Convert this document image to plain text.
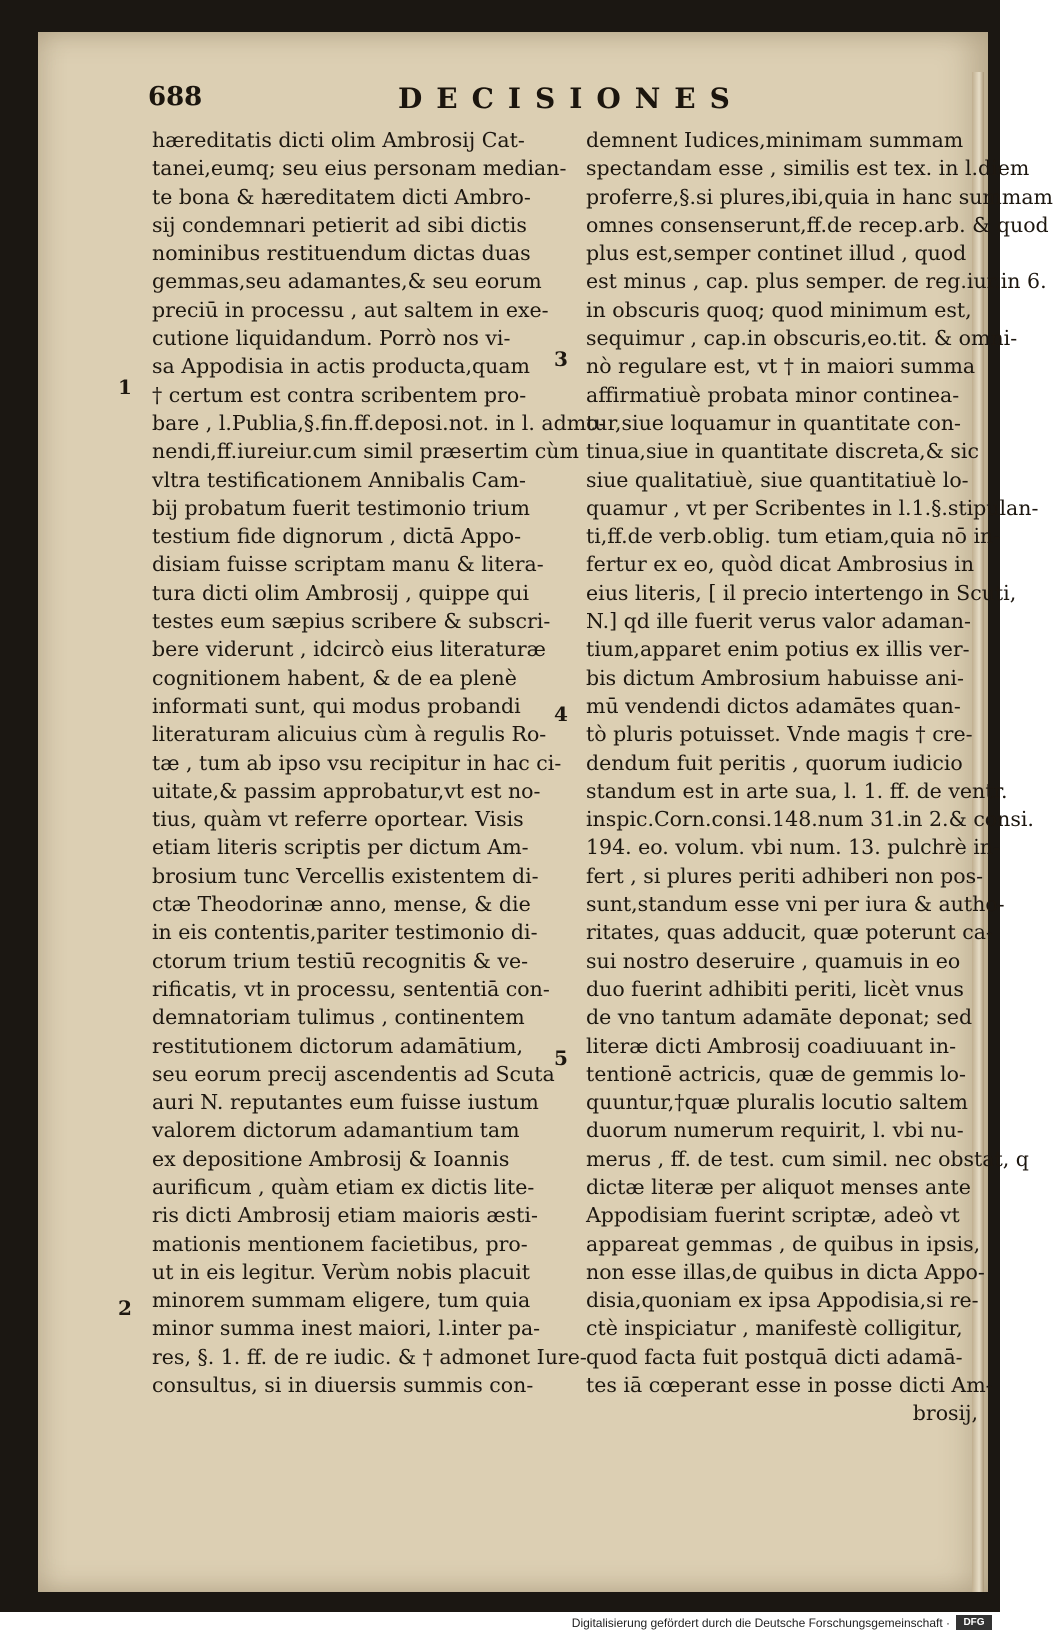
688	DECISIONES
1
2
3
4
5
hæreditatis dicti olim Ambrosij Cat-
tanei,eumq; seu eius personam median-
te bona & hæreditatem dicti Ambro-
sij condemnari petierit ad sibi dictis
nominibus restituendum dictas duas
gemmas,seu adamantes,& seu eorum
preciū in processu , aut saltem in exe-
cutione liquidandum. Porrò nos vi-
sa Appodisia in actis producta,quam
† certum est contra scribentem pro-
bare , l.Publia,§.fin.ff.deposi.not. in l. admo-
nendi,ff.iureiur.cum simil præsertim cùm
vltra testificationem Annibalis Cam-
bij probatum fuerit testimonio trium
testium fide dignorum , dictā Appo-
disiam fuisse scriptam manu & litera-
tura dicti olim Ambrosij , quippe qui
testes eum sæpius scribere & subscri-
bere viderunt , idcircò eius literaturæ
cognitionem habent, & de ea plenè
informati sunt, qui modus probandi
literaturam alicuius cùm à regulis Ro-
tæ , tum ab ipso vsu recipitur in hac ci-
uitate,& passim approbatur,vt est no-
tius, quàm vt referre oportear. Visis
etiam literis scriptis per dictum Am-
brosium tunc Vercellis existentem di-
ctæ Theodorinæ anno, mense, & die
in eis contentis,pariter testimonio di-
ctorum trium testiū recognitis & ve-
rificatis, vt in processu, sententiā con-
demnatoriam tulimus , continentem
restitutionem dictorum adamātium,
seu eorum precij ascendentis ad Scuta
auri N. reputantes eum fuisse iustum
valorem dictorum adamantium tam
ex depositione Ambrosij & Ioannis
aurificum , quàm etiam ex dictis lite-
ris dicti Ambrosij etiam maioris æsti-
mationis mentionem facietibus, pro-
ut in eis legitur. Verùm nobis placuit
minorem summam eligere, tum quia
minor summa inest maiori, l.inter pa-
res, §. 1. ff. de re iudic. & † admonet Iure-
consultus, si in diuersis summis con-
demnent Iudices,minimam summam
spectandam esse , similis est tex. in l.diem
proferre,§.si plures,ibi,quia in hanc summam
omnes consenserunt,ff.de recep.arb. & quod
plus est,semper continet illud , quod
est minus , cap. plus semper. de reg.iur.in 6.
in obscuris quoq; quod minimum est,
sequimur , cap.in obscuris,eo.tit. & omni-
nò regulare est, vt † in maiori summa
affirmatiuè probata minor continea-
tur,siue loquamur in quantitate con-
tinua,siue in quantitate discreta,& sic
siue qualitatiuè, siue quantitatiuè lo-
quamur , vt per Scribentes in l.1.§.stipulan-
ti,ff.de verb.oblig. tum etiam,quia nō in-
fertur ex eo, quòd dicat Ambrosius in
eius literis, [ il precio intertengo in Scuti,
N.] qd ille fuerit verus valor adaman-
tium,apparet enim potius ex illis ver-
bis dictum Ambrosium habuisse ani-
mū vendendi dictos adamātes quan-
tò pluris potuisset. Vnde magis † cre-
dendum fuit peritis , quorum iudicio
standum est in arte sua, l. 1. ff. de ventr.
inspic.Corn.consi.148.num 31.in 2.& consi.
194. eo. volum. vbi num. 13. pulchrè in-
fert , si plures periti adhiberi non pos-
sunt,standum esse vni per iura & autho-
ritates, quas adducit, quæ poterunt ca-
sui nostro deseruire , quamuis in eo
duo fuerint adhibiti periti, licèt vnus
de vno tantum adamāte deponat; sed
literæ dicti Ambrosij coadiuuant in-
tentionē actricis, quæ de gemmis lo-
quuntur,†quæ pluralis locutio saltem
duorum numerum requirit, l. vbi nu-
merus , ff. de test. cum simil. nec obstat, q
dictæ literæ per aliquot menses ante
Appodisiam fuerint scriptæ, adeò vt
appareat gemmas , de quibus in ipsis,
non esse illas,de quibus in dicta Appo-
disia,quoniam ex ipsa Appodisia,si re-
ctè inspiciatur , manifestè colligitur,
quod facta fuit postquā dicti adamā-
tes iā cœperant esse in posse dicti Am-
brosij,
Digitalisierung gefördert durch die Deutsche Forschungsgemeinschaft ·	DFG
